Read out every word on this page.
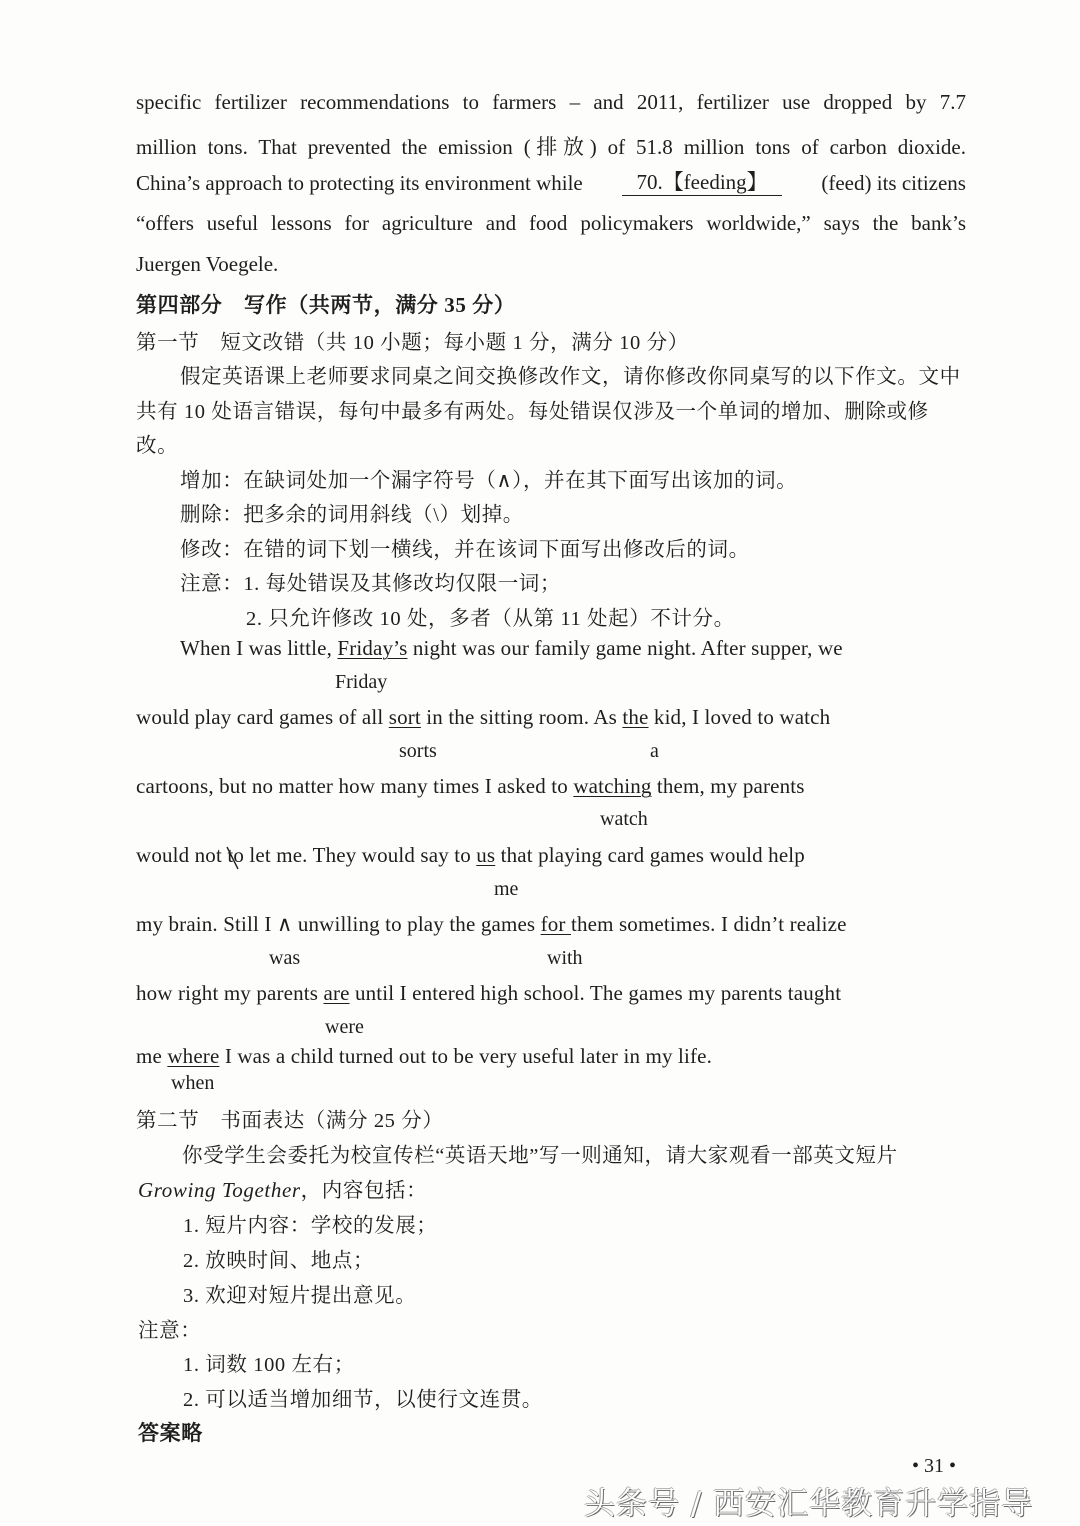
specific fertilizer recommendations to farmers – and 2011, fertilizer use dropped by 7.7
million tons. That prevented the emission (排放) of 51.8 million tons of carbon dioxide.
China’s approach to protecting its environment while	70.【feeding】	(feed) its citizens
“offers useful lessons for agriculture and food policymakers worldwide,” says the bank’s
Juergen Voegele.
第四部分　写作（共两节，满分 35 分）
第一节　短文改错（共 10 小题；每小题 1 分，满分 10 分）
假定英语课上老师要求同桌之间交换修改作文，请你修改你同桌写的以下作文。文中
共有 10 处语言错误，每句中最多有两处。每处错误仅涉及一个单词的增加、删除或修
改。
增加：在缺词处加一个漏字符号（∧），并在其下面写出该加的词。
删除：把多余的词用斜线（\）划掉。
修改：在错的词下划一横线，并在该词下面写出修改后的词。
注意：1. 每处错误及其修改均仅限一词；
2. 只允许修改 10 处，多者（从第 11 处起）不计分。
When I was little, Friday’s night was our family game night. After supper, we
Friday
would play card games of all sort in the sitting room. As the kid, I loved to watch
sorts	a
cartoons, but no matter how many times I asked to watching them, my parents
watch
would not to
let me. They would say to us that playing card games would help
me
my brain. Still I ∧ unwilling to play the games for them sometimes. I didn’t realize
was	with
how right my parents are until I entered high school. The games my parents taught
were
me where I was a child turned out to be very useful later in my life.
when
第二节　书面表达（满分 25 分）
你受学生会委托为校宣传栏“英语天地”写一则通知，请大家观看一部英文短片
Growing Together，内容包括：
1. 短片内容：学校的发展；
2. 放映时间、地点；
3. 欢迎对短片提出意见。
注意：
1. 词数 100 左右；
2. 可以适当增加细节，以使行文连贯。
答案略
• 31 •
头条号 / 西安汇华教育升学指导
